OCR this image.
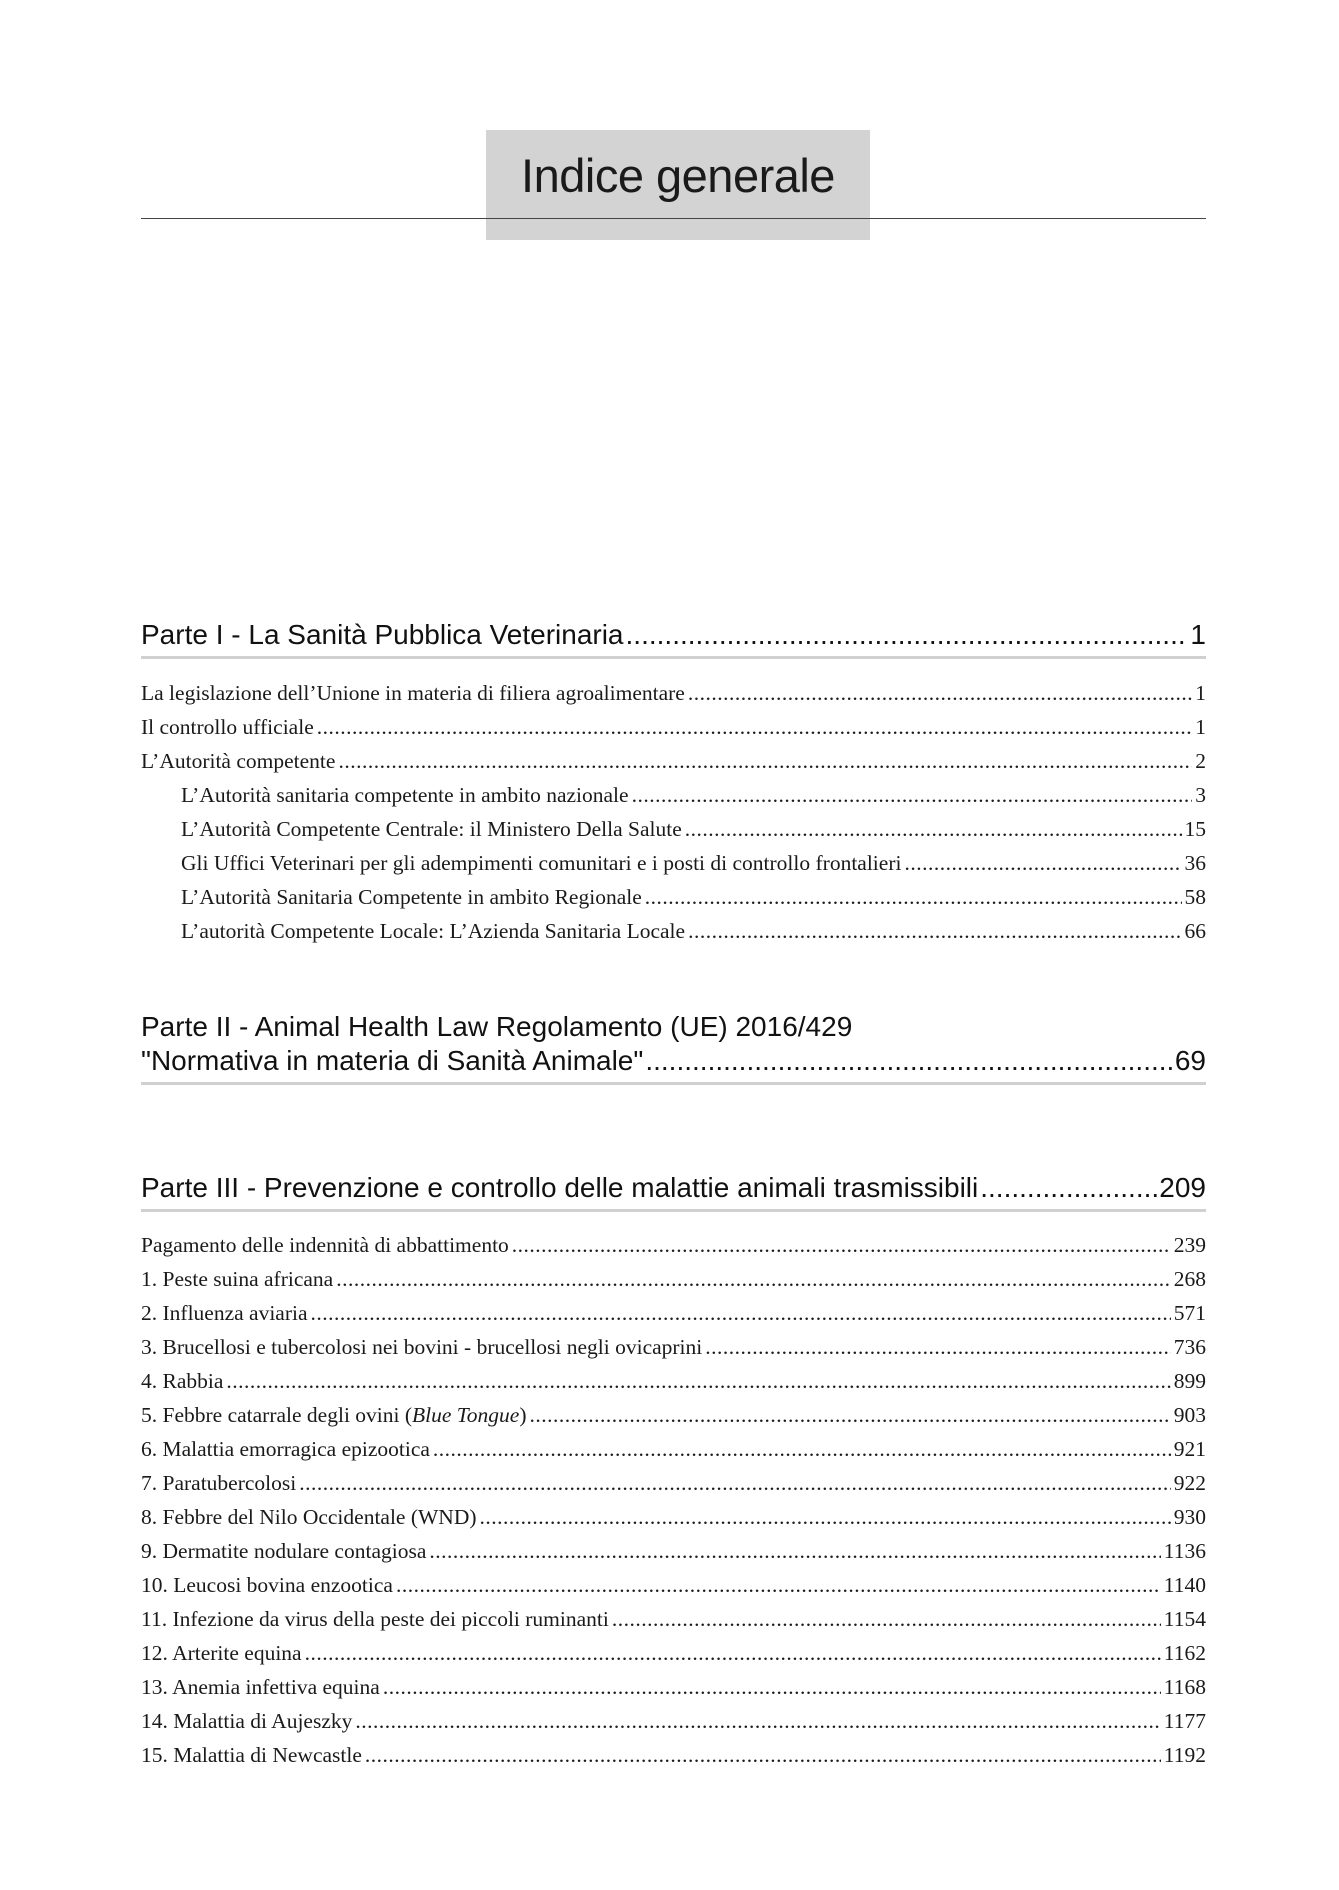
Indice generale
Parte I - La Sanità Pubblica Veterinaria .....	1
La legislazione dell’Unione in materia di filiera agroalimentare .....	1
Il controllo ufficiale .....	1
L’Autorità competente .....	2
L’Autorità sanitaria competente in ambito nazionale .....	3
L’Autorità Competente Centrale: il Ministero Della Salute .....	15
Gli Uffici Veterinari per gli adempimenti comunitari e i posti di controllo frontalieri .....	36
L’Autorità Sanitaria Competente in ambito Regionale .....	58
L’autorità Competente Locale: L’Azienda Sanitaria Locale .....	66
Parte II - Animal Health Law Regolamento (UE) 2016/429
"Normativa in materia di Sanità Animale" .....	69
Parte III - Prevenzione e controllo delle malattie animali trasmissibili .....	209
Pagamento delle indennità di abbattimento .....	239
1. Peste suina africana .....	268
2. Influenza aviaria .....	571
3. Brucellosi e tubercolosi nei bovini - brucellosi negli ovicaprini .....	736
4. Rabbia .....	899
5. Febbre catarrale degli ovini (Blue Tongue) .....	903
6. Malattia emorragica epizootica .....	921
7. Paratubercolosi .....	922
8. Febbre del Nilo Occidentale (WND) .....	930
9. Dermatite nodulare contagiosa .....	1136
10. Leucosi bovina enzootica .....	1140
11. Infezione da virus della peste dei piccoli ruminanti .....	1154
12. Arterite equina .....	1162
13. Anemia infettiva equina .....	1168
14. Malattia di Aujeszky .....	1177
15. Malattia di Newcastle .....	1192
